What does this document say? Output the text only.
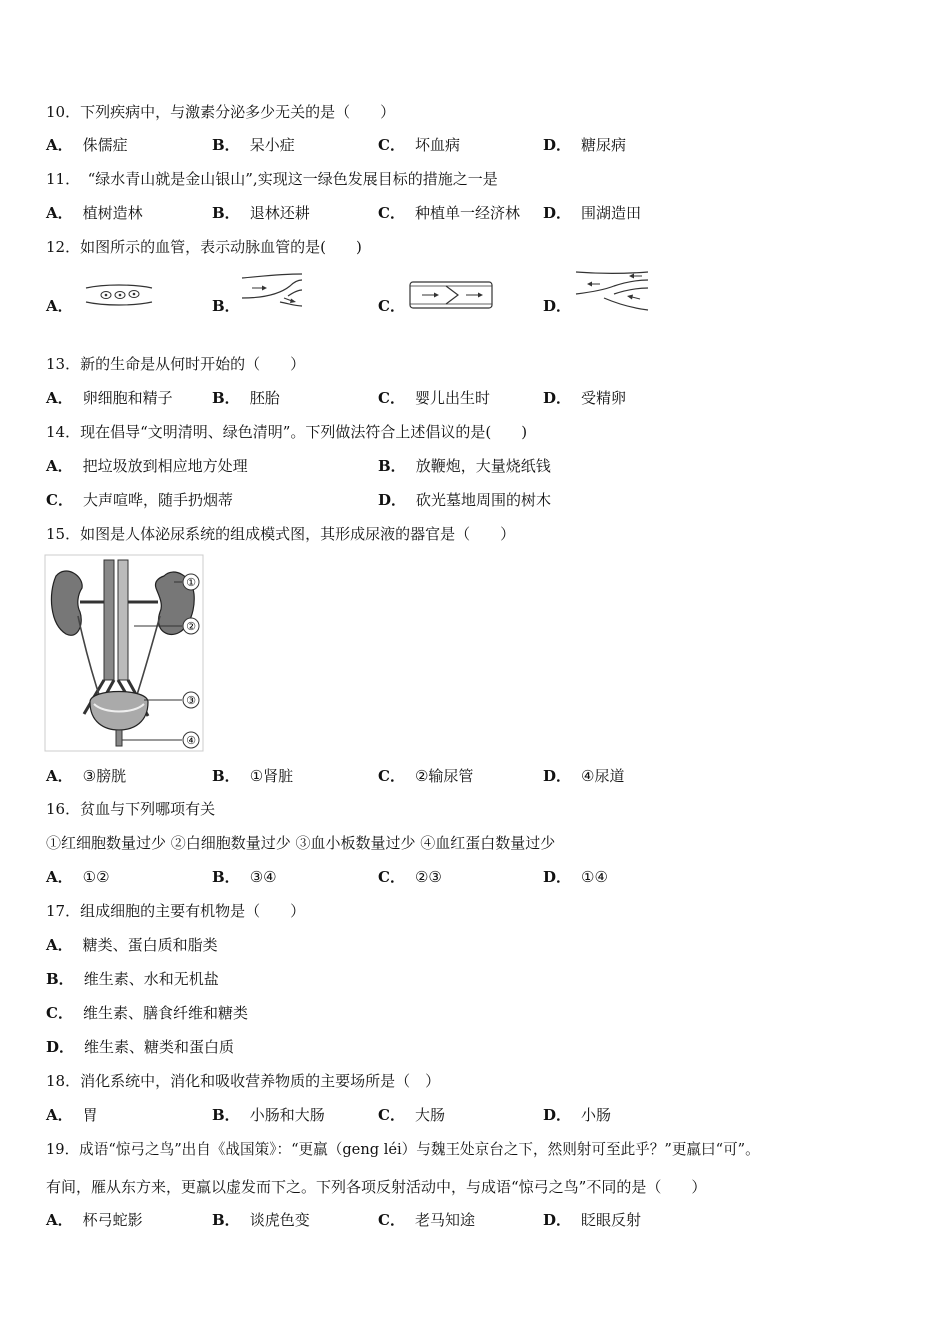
10．下列疾病中，与激素分泌多少无关的是（　　）
A． 侏儒症	B． 呆小症	C． 坏血病	D． 糖尿病
11．　“绿水青山就是金山银山”,实现这一绿色发展目标的措施之一是
A． 植树造林	B． 退林还耕	C． 种植单一经济林 D． 围湖造田
12．如图所示的血管，表示动脉血管的是(　　)
A．	B．	C．	D．
13．新的生命是从何时开始的（　　）
A． 卵细胞和精子	B． 胚胎	C． 婴儿出生时	D． 受精卵
14．现在倡导“文明清明、绿色清明”。下列做法符合上述倡议的是(　　)
A． 把垃圾放到相应地方处理	B． 放鞭炮，大量烧纸钱
C． 大声喧哗，随手扔烟蒂	D． 砍光墓地周围的树木
15．如图是人体泌尿系统的组成模式图，其形成尿液的器官是（　　）
①
②
③
④
A． ③膀胱	B． ①肾脏	C． ②输尿管	D． ④尿道
16．贫血与下列哪项有关
①红细胞数量过少 ②白细胞数量过少 ③血小板数量过少 ④血红蛋白数量过少
A． ①②	B． ③④	C． ②③	D． ①④
17．组成细胞的主要有机物是（　　）
A． 糖类、蛋白质和脂类
B． 维生素、水和无机盐
C． 维生素、膳食纤维和糖类
D． 维生素、糖类和蛋白质
18．消化系统中，消化和吸收营养物质的主要场所是（　）
A． 胃	B． 小肠和大肠	C． 大肠	D． 小肠
19．成语“惊弓之鸟”出自《战国策》：“更羸（geng léi）与魏王处京台之下，然则射可至此乎？”更羸曰“可”。
有间，雁从东方来，更羸以虚发而下之。下列各项反射活动中，与成语“惊弓之鸟”不同的是（　　）
A． 杯弓蛇影	B． 谈虎色变	C． 老马知途	D． 眨眼反射
